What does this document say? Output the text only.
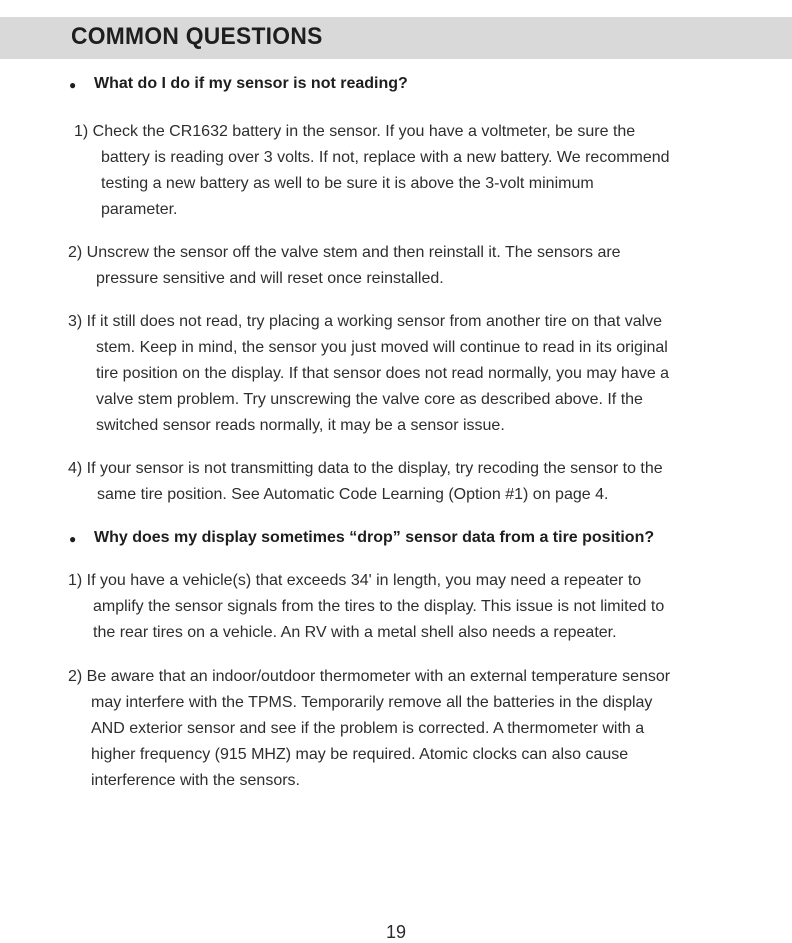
COMMON QUESTIONS
● What do I do if my sensor is not reading?
1) Check the CR1632 battery in the sensor. If you have a voltmeter, be sure the
battery is reading over 3 volts. If not, replace with a new battery. We recommend
testing a new battery as well to be sure it is above the 3-volt minimum
parameter.
2) Unscrew the sensor off the valve stem and then reinstall it. The sensors are
pressure sensitive and will reset once reinstalled.
3) If it still does not read, try placing a working sensor from another tire on that valve
stem. Keep in mind, the sensor you just moved will continue to read in its original
tire position on the display. If that sensor does not read normally, you may have a
valve stem problem. Try unscrewing the valve core as described above. If the
switched sensor reads normally, it may be a sensor issue.
4) If your sensor is not transmitting data to the display, try recoding the sensor to the
same tire position. See Automatic Code Learning (Option #1) on page 4.
● Why does my display sometimes “drop” sensor data from a tire position?
1) If you have a vehicle(s) that exceeds 34' in length, you may need a repeater to
amplify the sensor signals from the tires to the display. This issue is not limited to
the rear tires on a vehicle. An RV with a metal shell also needs a repeater.
2) Be aware that an indoor/outdoor thermometer with an external temperature sensor
may interfere with the TPMS. Temporarily remove all the batteries in the display
AND exterior sensor and see if the problem is corrected. A thermometer with a
higher frequency (915 MHZ) may be required. Atomic clocks can also cause
interference with the sensors.
19
